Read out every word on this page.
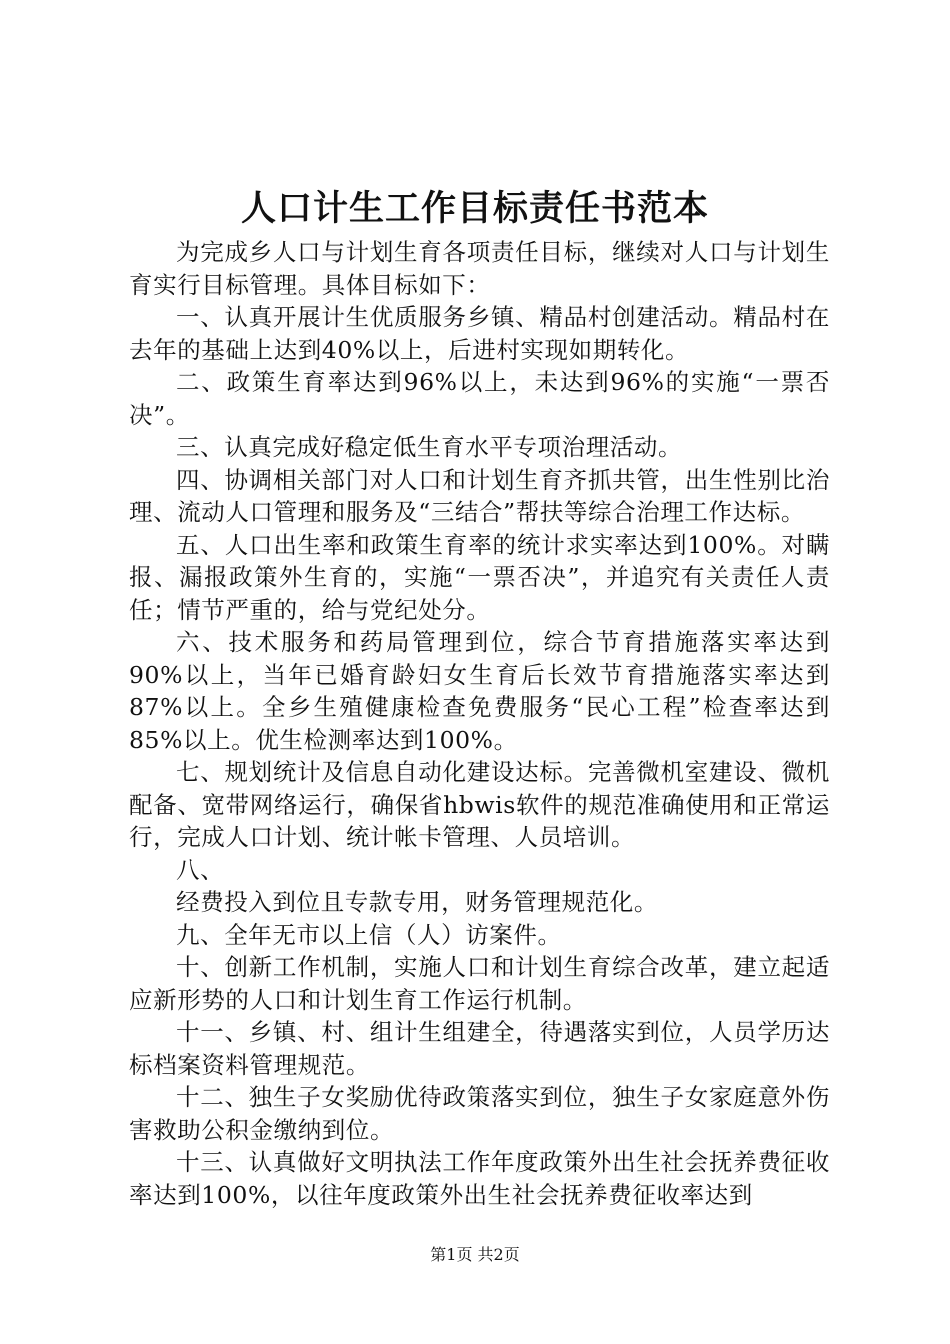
人口计生工作目标责任书范本

为完成乡人口与计划生育各项责任目标，继续对人口与计划生育实行目标管理。具体目标如下：

一、认真开展计生优质服务乡镇、精品村创建活动。精品村在去年的基础上达到40%以上，后进村实现如期转化。

二、政策生育率达到96%以上，未达到96%的实施“一票否决”。

三、认真完成好稳定低生育水平专项治理活动。

四、协调相关部门对人口和计划生育齐抓共管，出生性别比治理、流动人口管理和服务及“三结合”帮扶等综合治理工作达标。

五、人口出生率和政策生育率的统计求实率达到100%。对瞒报、漏报政策外生育的，实施“一票否决”，并追究有关责任人责任；情节严重的，给与党纪处分。

六、技术服务和药局管理到位，综合节育措施落实率达到90%以上，当年已婚育龄妇女生育后长效节育措施落实率达到87%以上。全乡生殖健康检查免费服务“民心工程”检查率达到85%以上。优生检测率达到100%。

七、规划统计及信息自动化建设达标。完善微机室建设、微机配备、宽带网络运行，确保省hbwis软件的规范准确使用和正常运行，完成人口计划、统计帐卡管理、人员培训。

八、

经费投入到位且专款专用，财务管理规范化。

九、全年无市以上信（人）访案件。

十、创新工作机制，实施人口和计划生育综合改革，建立起适应新形势的人口和计划生育工作运行机制。

十一、乡镇、村、组计生组建全，待遇落实到位，人员学历达标档案资料管理规范。

十二、独生子女奖励优待政策落实到位，独生子女家庭意外伤害救助公积金缴纳到位。

十三、认真做好文明执法工作年度政策外出生社会抚养费征收率达到100%，以往年度政策外出生社会抚养费征收率达到

第1页 共2页
